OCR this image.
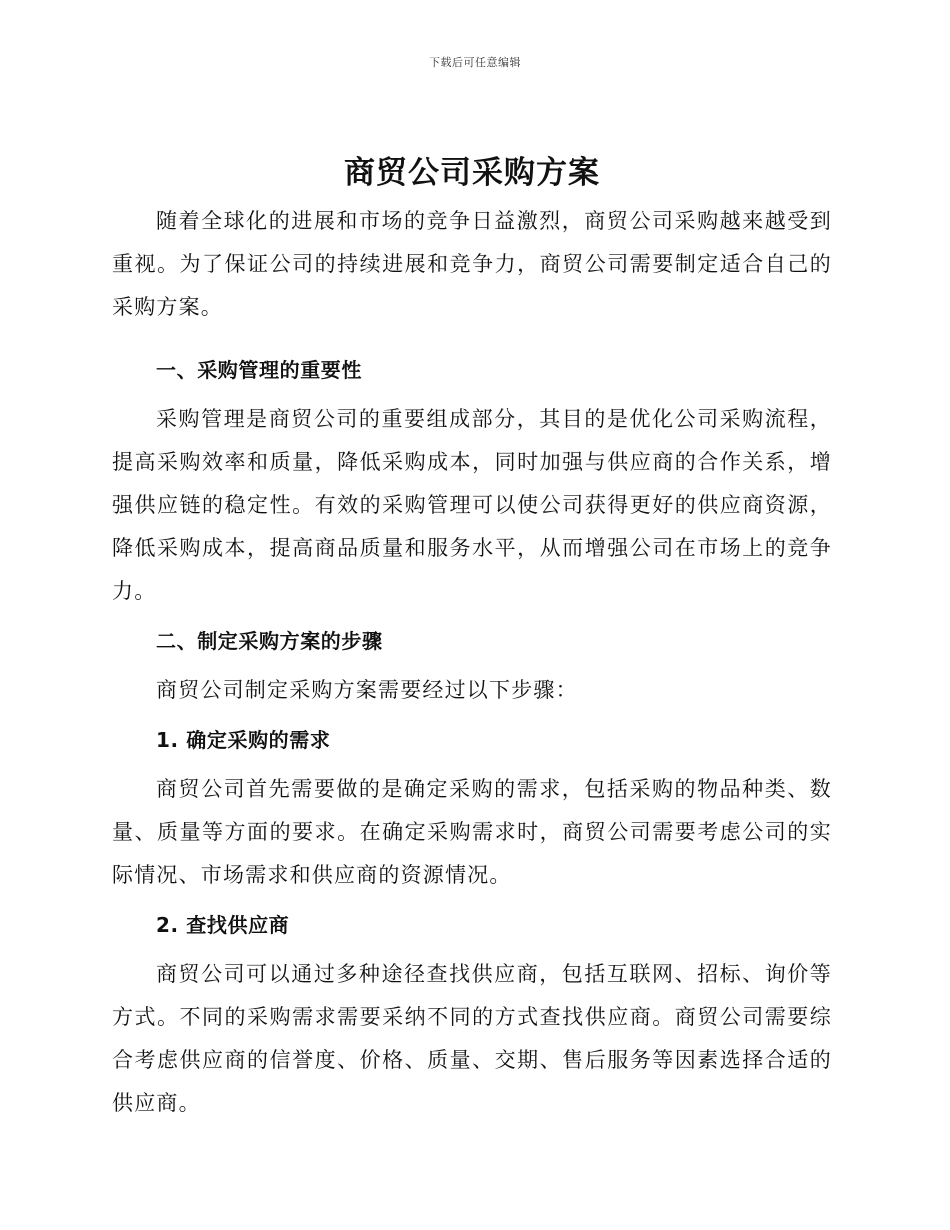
下载后可任意编辑
商贸公司采购方案

随着全球化的进展和市场的竞争日益激烈，商贸公司采购越来越受到重视。为了保证公司的持续进展和竞争力，商贸公司需要制定适合自己的采购方案。

一、采购管理的重要性

采购管理是商贸公司的重要组成部分，其目的是优化公司采购流程，提高采购效率和质量，降低采购成本，同时加强与供应商的合作关系，增强供应链的稳定性。有效的采购管理可以使公司获得更好的供应商资源，降低采购成本，提高商品质量和服务水平，从而增强公司在市场上的竞争力。

二、制定采购方案的步骤

商贸公司制定采购方案需要经过以下步骤：

1. 确定采购的需求

商贸公司首先需要做的是确定采购的需求，包括采购的物品种类、数量、质量等方面的要求。在确定采购需求时，商贸公司需要考虑公司的实际情况、市场需求和供应商的资源情况。

2. 查找供应商

商贸公司可以通过多种途径查找供应商，包括互联网、招标、询价等方式。不同的采购需求需要采纳不同的方式查找供应商。商贸公司需要综合考虑供应商的信誉度、价格、质量、交期、售后服务等因素选择合适的供应商。
